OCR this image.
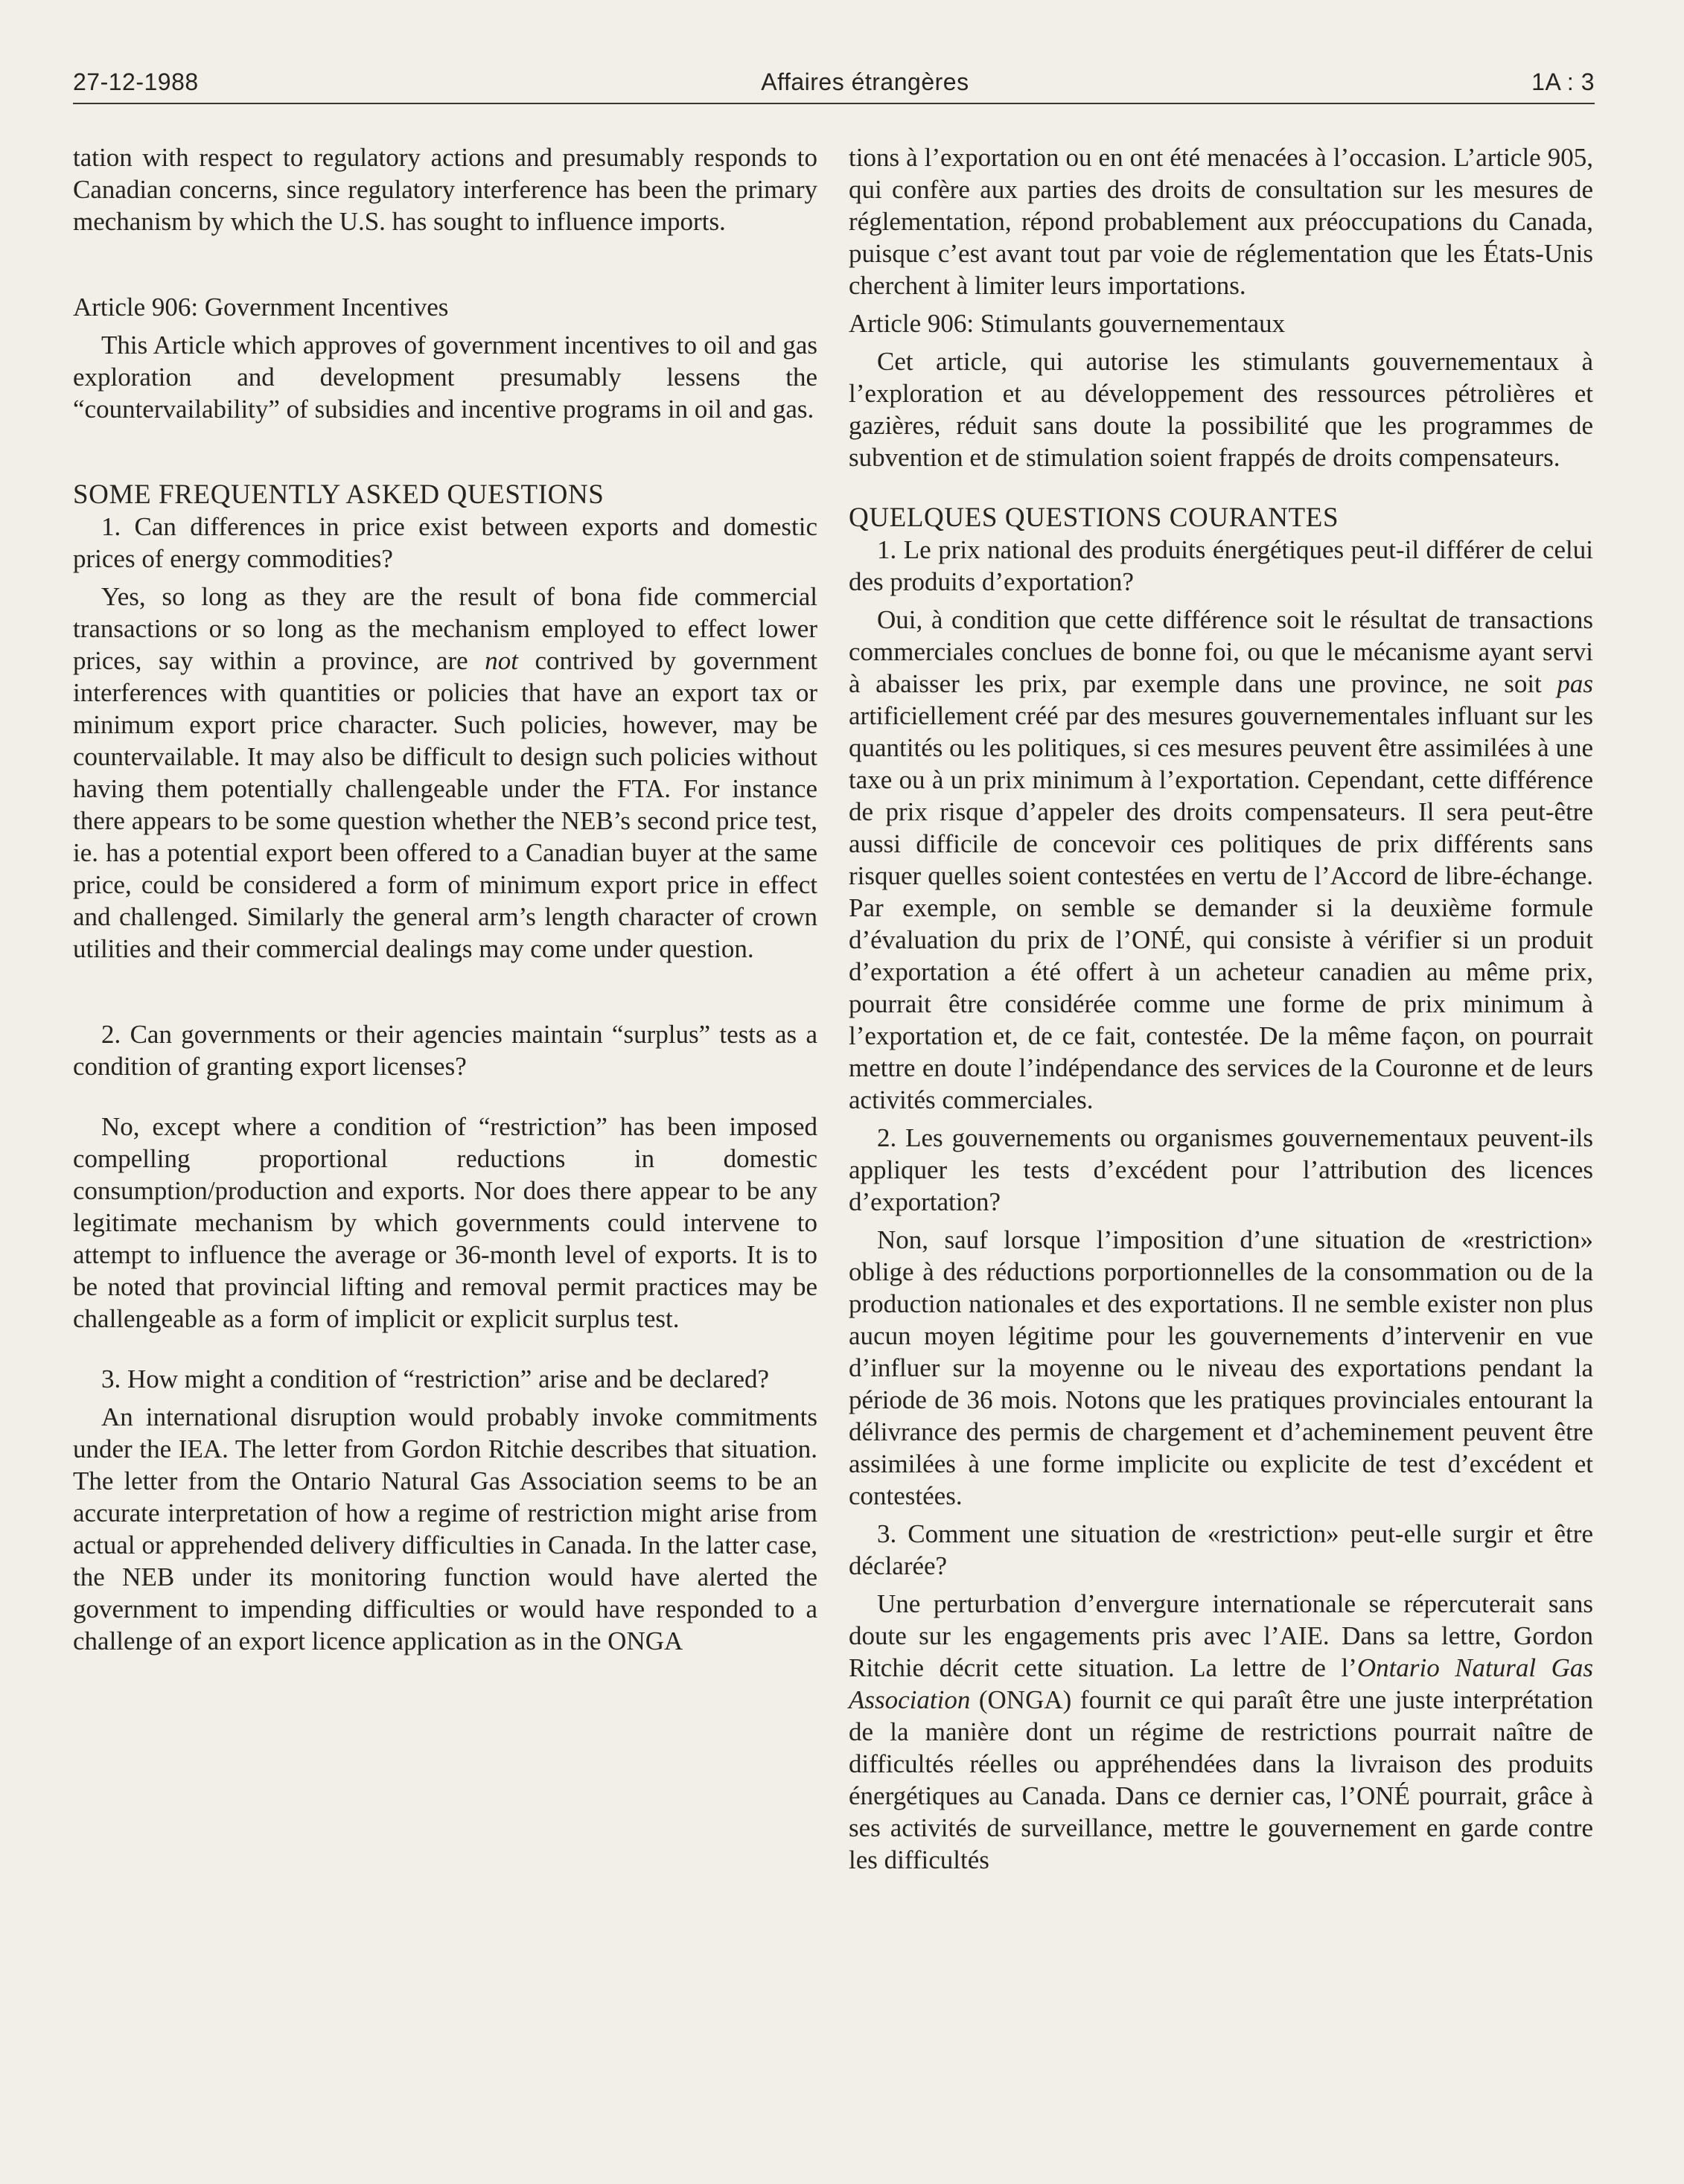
27-12-1988	Affaires étrangères	1A : 3

tation with respect to regulatory actions and presumably responds to Canadian concerns, since regulatory interference has been the primary mechanism by which the U.S. has sought to influence imports.

Article 906: Government Incentives

This Article which approves of government incentives to oil and gas exploration and development presumably lessens the “countervailability” of subsidies and incentive programs in oil and gas.

SOME FREQUENTLY ASKED QUESTIONS

1. Can differences in price exist between exports and domestic prices of energy commodities?

Yes, so long as they are the result of bona fide commercial transactions or so long as the mechanism employed to effect lower prices, say within a province, are not contrived by government interferences with quantities or policies that have an export tax or minimum export price character. Such policies, however, may be countervailable. It may also be difficult to design such policies without having them potentially challengeable under the FTA. For instance there appears to be some question whether the NEB’s second price test, ie. has a potential export been offered to a Canadian buyer at the same price, could be considered a form of minimum export price in effect and challenged. Similarly the general arm’s length character of crown utilities and their commercial dealings may come under question.

2. Can governments or their agencies maintain “surplus” tests as a condition of granting export licenses?

No, except where a condition of “restriction” has been imposed compelling proportional reductions in domestic consumption/production and exports. Nor does there appear to be any legitimate mechanism by which governments could intervene to attempt to influence the average or 36-month level of exports. It is to be noted that provincial lifting and removal permit practices may be challengeable as a form of implicit or explicit surplus test.

3. How might a condition of “restriction” arise and be declared?

An international disruption would probably invoke commitments under the IEA. The letter from Gordon Ritchie describes that situation. The letter from the Ontario Natural Gas Association seems to be an accurate interpretation of how a regime of restriction might arise from actual or apprehended delivery difficulties in Canada. In the latter case, the NEB under its monitoring function would have alerted the government to impending difficulties or would have responded to a challenge of an export licence application as in the ONGA

tions à l’exportation ou en ont été menacées à l’occasion. L’article 905, qui confère aux parties des droits de consultation sur les mesures de réglementation, répond probablement aux préoccupations du Canada, puisque c’est avant tout par voie de réglementation que les États-Unis cherchent à limiter leurs importations.

Article 906: Stimulants gouvernementaux

Cet article, qui autorise les stimulants gouvernementaux à l’exploration et au développement des ressources pétrolières et gazières, réduit sans doute la possibilité que les programmes de subvention et de stimulation soient frappés de droits compensateurs.

QUELQUES QUESTIONS COURANTES

1. Le prix national des produits énergétiques peut-il différer de celui des produits d’exportation?

Oui, à condition que cette différence soit le résultat de transactions commerciales conclues de bonne foi, ou que le mécanisme ayant servi à abaisser les prix, par exemple dans une province, ne soit pas artificiellement créé par des mesures gouvernementales influant sur les quantités ou les politiques, si ces mesures peuvent être assimilées à une taxe ou à un prix minimum à l’exportation. Cependant, cette différence de prix risque d’appeler des droits compensateurs. Il sera peut-être aussi difficile de concevoir ces politiques de prix différents sans risquer quelles soient contestées en vertu de l’Accord de libre-échange. Par exemple, on semble se demander si la deuxième formule d’évaluation du prix de l’ONÉ, qui consiste à vérifier si un produit d’exportation a été offert à un acheteur canadien au même prix, pourrait être considérée comme une forme de prix minimum à l’exportation et, de ce fait, contestée. De la même façon, on pourrait mettre en doute l’indépendance des services de la Couronne et de leurs activités commerciales.

2. Les gouvernements ou organismes gouvernementaux peuvent-ils appliquer les tests d’excédent pour l’attribution des licences d’exportation?

Non, sauf lorsque l’imposition d’une situation de «restriction» oblige à des réductions porportionnelles de la consommation ou de la production nationales et des exportations. Il ne semble exister non plus aucun moyen légitime pour les gouvernements d’intervenir en vue d’influer sur la moyenne ou le niveau des exportations pendant la période de 36 mois. Notons que les pratiques provinciales entourant la délivrance des permis de chargement et d’acheminement peuvent être assimilées à une forme implicite ou explicite de test d’excédent et contestées.

3. Comment une situation de «restriction» peut-elle surgir et être déclarée?

Une perturbation d’envergure internationale se répercuterait sans doute sur les engagements pris avec l’AIE. Dans sa lettre, Gordon Ritchie décrit cette situation. La lettre de l’Ontario Natural Gas Association (ONGA) fournit ce qui paraît être une juste interprétation de la manière dont un régime de restrictions pourrait naître de difficultés réelles ou appréhendées dans la livraison des produits énergétiques au Canada. Dans ce dernier cas, l’ONÉ pourrait, grâce à ses activités de surveillance, mettre le gouvernement en garde contre les difficultés
